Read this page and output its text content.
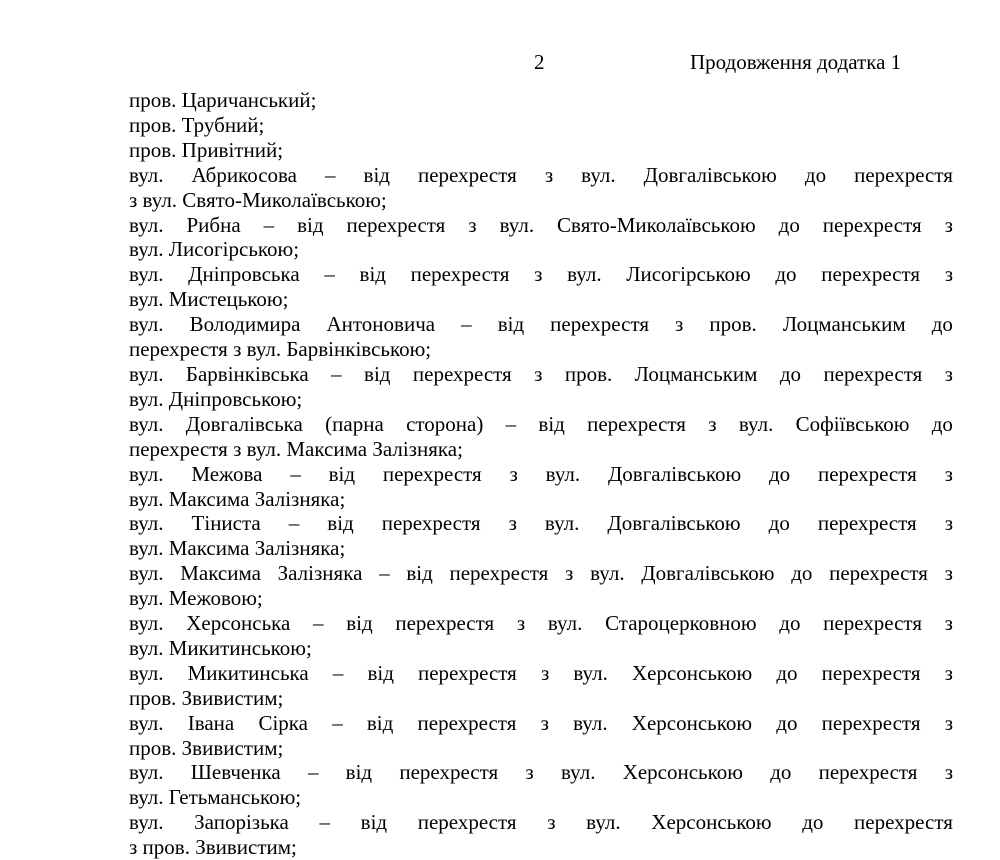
2	Продовження додатка 1
пров. Царичанський;
пров. Трубний;
пров. Привітний;
вул. Абрикосова – від перехрестя з вул. Довгалівською до перехрестя
з вул. Свято-Миколаївською;
вул. Рибна – від перехрестя з вул. Свято-Миколаївською до перехрестя з
вул. Лисогірською;
вул. Дніпровська – від перехрестя з вул. Лисогірською до перехрестя з
вул. Мистецькою;
вул. Володимира Антоновича – від перехрестя з пров. Лоцманським до
перехрестя з вул. Барвінківською;
вул. Барвінківська – від перехрестя з пров. Лоцманським до перехрестя з
вул. Дніпровською;
вул. Довгалівська (парна сторона) – від перехрестя з вул. Софіївською до
перехрестя з вул. Максима Залізняка;
вул. Межова – від перехрестя з вул. Довгалівською до перехрестя з
вул. Максима Залізняка;
вул. Тіниста – від перехрестя з вул. Довгалівською до перехрестя з
вул. Максима Залізняка;
вул. Максима Залізняка – від перехрестя з вул. Довгалівською до перехрестя з
вул. Межовою;
вул. Херсонська – від перехрестя з вул. Староцерковною до перехрестя з
вул. Микитинською;
вул. Микитинська – від перехрестя з вул. Херсонською до перехрестя з
пров. Звивистим;
вул. Івана Сірка – від перехрестя з вул. Херсонською до перехрестя з
пров. Звивистим;
вул. Шевченка – від перехрестя з вул. Херсонською до перехрестя з
вул. Гетьманською;
вул. Запорізька – від перехрестя з вул. Херсонською до перехрестя
з пров. Звивистим;
